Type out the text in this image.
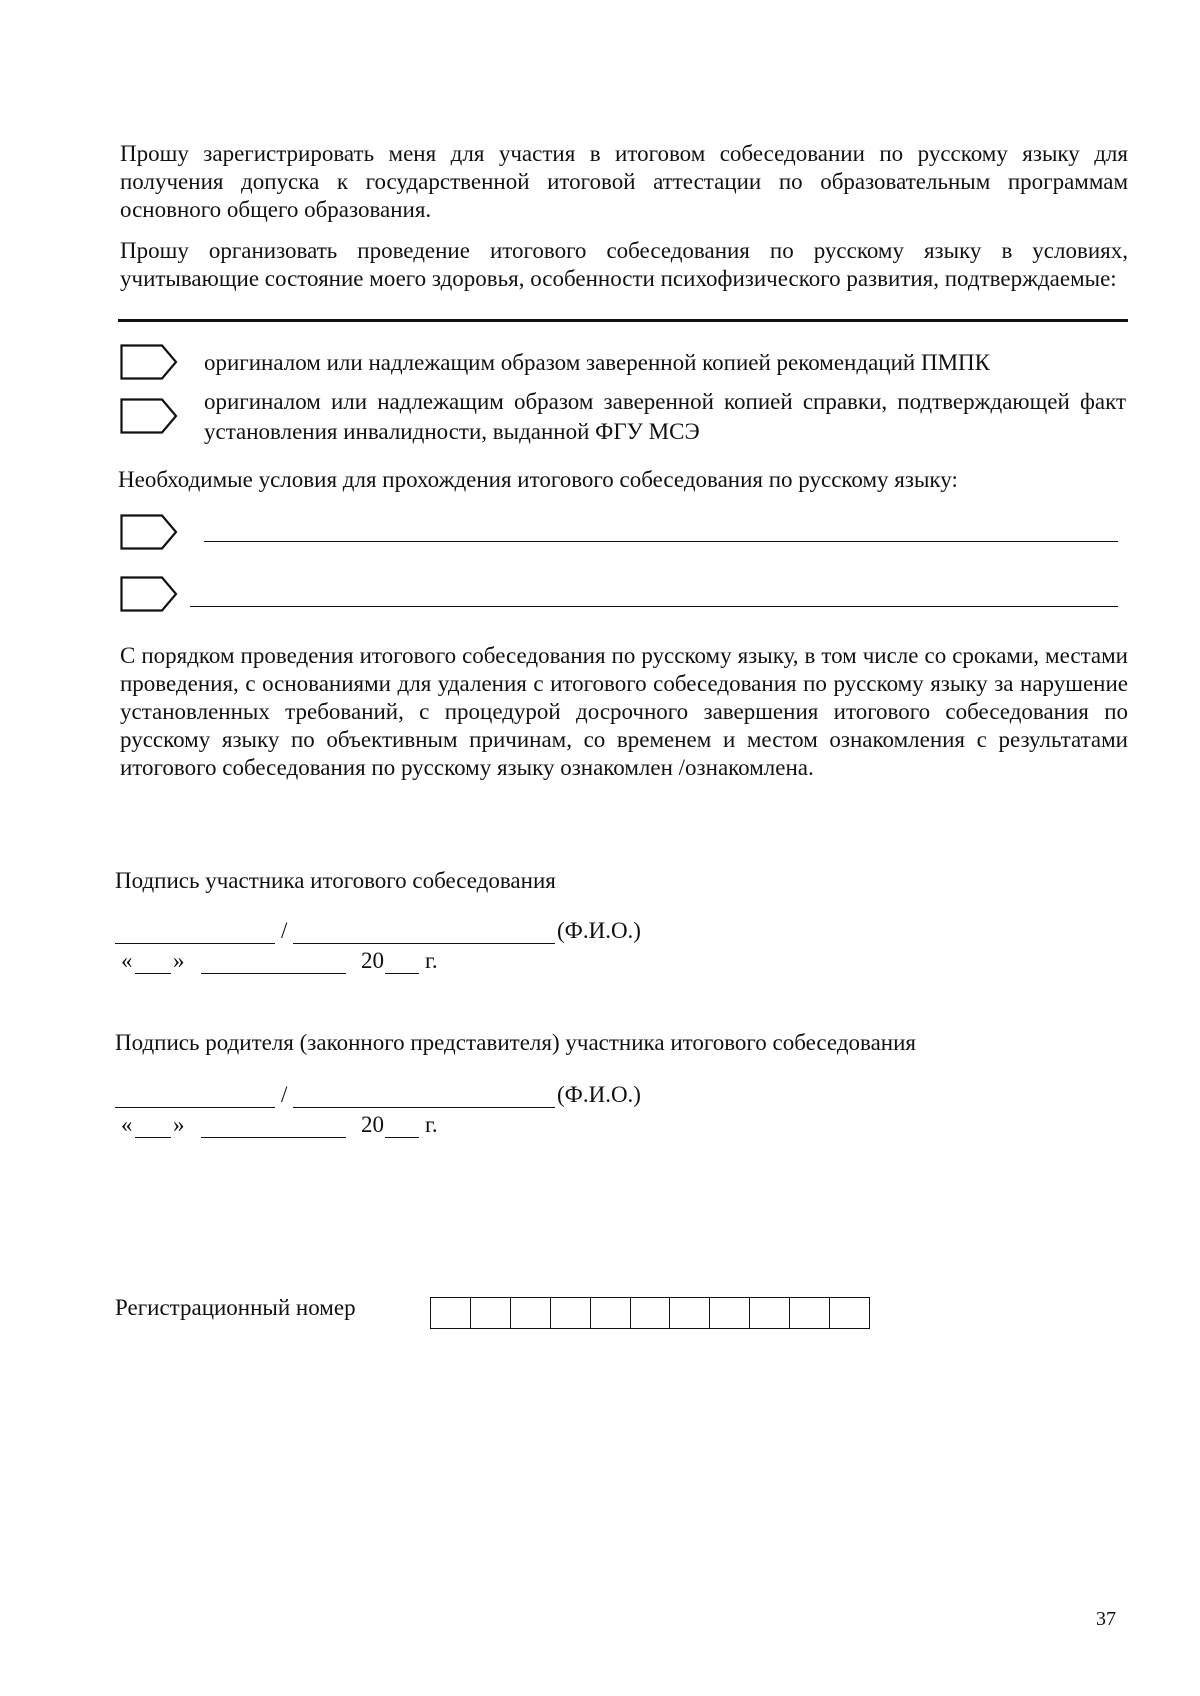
Прошу зарегистрировать меня для участия в итоговом собеседовании по русскому языку для получения допуска к государственной итоговой аттестации по образовательным программам основного общего образования.

Прошу организовать проведение итогового собеседования по русскому языку в условиях, учитывающие состояние моего здоровья, особенности психофизического развития, подтверждаемые:

оригиналом или надлежащим образом заверенной копией рекомендаций ПМПК

оригиналом или надлежащим образом заверенной копией справки, подтверждающей факт установления инвалидности, выданной ФГУ МСЭ

Необходимые условия для прохождения итогового собеседования по русскому языку:

С порядком проведения итогового собеседования по русскому языку, в том числе со сроками, местами проведения, с основаниями для удаления с итогового собеседования по русскому языку за нарушение установленных требований, с процедурой досрочного завершения итогового собеседования по русскому языку по объективным причинам, со временем и местом ознакомления с результатами итогового собеседования по русскому языку ознакомлен /ознакомлена.

Подпись участника итогового собеседования

/	(Ф.И.О.)
« »	20 г.

Подпись родителя (законного представителя) участника итогового собеседования

/	(Ф.И.О.)
« »	20 г.

Регистрационный номер

37
